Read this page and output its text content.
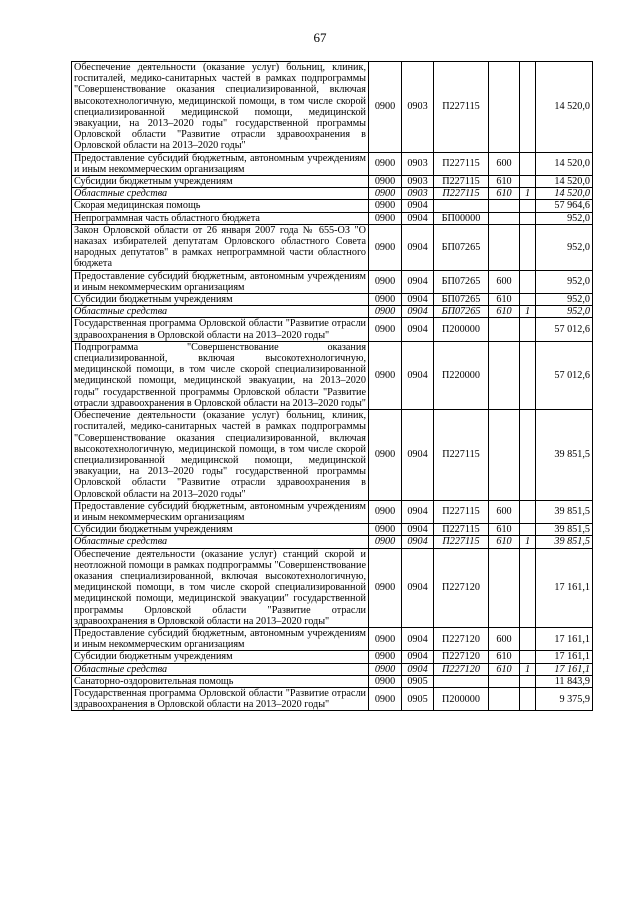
67
Обеспечение деятельности (оказание услуг) больниц, клиник, госпиталей, медико-санитарных частей в рамках подпрограммы "Совершенствование оказания специализированной, включая высокотехнологичную, медицинской помощи, в том числе скорой специализированной медицинской помощи, медицинской эвакуации, на 2013–2020 годы" государственной программы Орловской области "Развитие отрасли здравоохранения в Орловской области на 2013–2020 годы"	0900	0903	П227115			14 520,0
Предоставление субсидий бюджетным, автономным учреждениям и иным некоммерческим организациям	0900	0903	П227115	600		14 520,0
Субсидии бюджетным учреждениям	0900	0903	П227115	610		14 520,0
Областные средства	0900	0903	П227115	610	1	14 520,0
Скорая медицинская помощь	0900	0904				57 964,6
Непрограммная часть областного бюджета	0900	0904	БП00000			952,0
Закон Орловской области от 26 января 2007 года № 655-ОЗ "О наказах избирателей депутатам Орловского областного Совета народных депутатов" в рамках непрограммной части областного бюджета	0900	0904	БП07265			952,0
Предоставление субсидий бюджетным, автономным учреждениям и иным некоммерческим организациям	0900	0904	БП07265	600		952,0
Субсидии бюджетным учреждениям	0900	0904	БП07265	610		952,0
Областные средства	0900	0904	БП07265	610	1	952,0
Государственная программа Орловской области "Развитие отрасли здравоохранения в Орловской области на 2013–2020 годы"	0900	0904	П200000			57 012,6
Подпрограмма "Совершенствование оказания специализированной, включая высокотехнологичную, медицинской помощи, в том числе скорой специализированной медицинской помощи, медицинской эвакуации, на 2013–2020 годы" государственной программы Орловской области "Развитие отрасли здравоохранения в Орловской области на 2013–2020 годы"	0900	0904	П220000			57 012,6
Обеспечение деятельности (оказание услуг) больниц, клиник, госпиталей, медико-санитарных частей в рамках подпрограммы "Совершенствование оказания специализированной, включая высокотехнологичную, медицинской помощи, в том числе скорой специализированной медицинской помощи, медицинской эвакуации, на 2013–2020 годы" государственной программы Орловской области "Развитие отрасли здравоохранения в Орловской области на 2013–2020 годы"	0900	0904	П227115			39 851,5
Предоставление субсидий бюджетным, автономным учреждениям и иным некоммерческим организациям	0900	0904	П227115	600		39 851,5
Субсидии бюджетным учреждениям	0900	0904	П227115	610		39 851,5
Областные средства	0900	0904	П227115	610	1	39 851,5
Обеспечение деятельности (оказание услуг) станций скорой и неотложной помощи в рамках подпрограммы "Совершенствование оказания специализированной, включая высокотехнологичную, медицинской помощи, в том числе скорой специализированной медицинской помощи, медицинской эвакуации" государственной программы Орловской области "Развитие отрасли здравоохранения в Орловской области на 2013–2020 годы"	0900	0904	П227120			17 161,1
Предоставление субсидий бюджетным, автономным учреждениям и иным некоммерческим организациям	0900	0904	П227120	600		17 161,1
Субсидии бюджетным учреждениям	0900	0904	П227120	610		17 161,1
Областные средства	0900	0904	П227120	610	1	17 161,1
Санаторно-оздоровительная помощь	0900	0905				11 843,9
Государственная программа Орловской области "Развитие отрасли здравоохранения в Орловской области на 2013–2020 годы"	0900	0905	П200000			9 375,9
